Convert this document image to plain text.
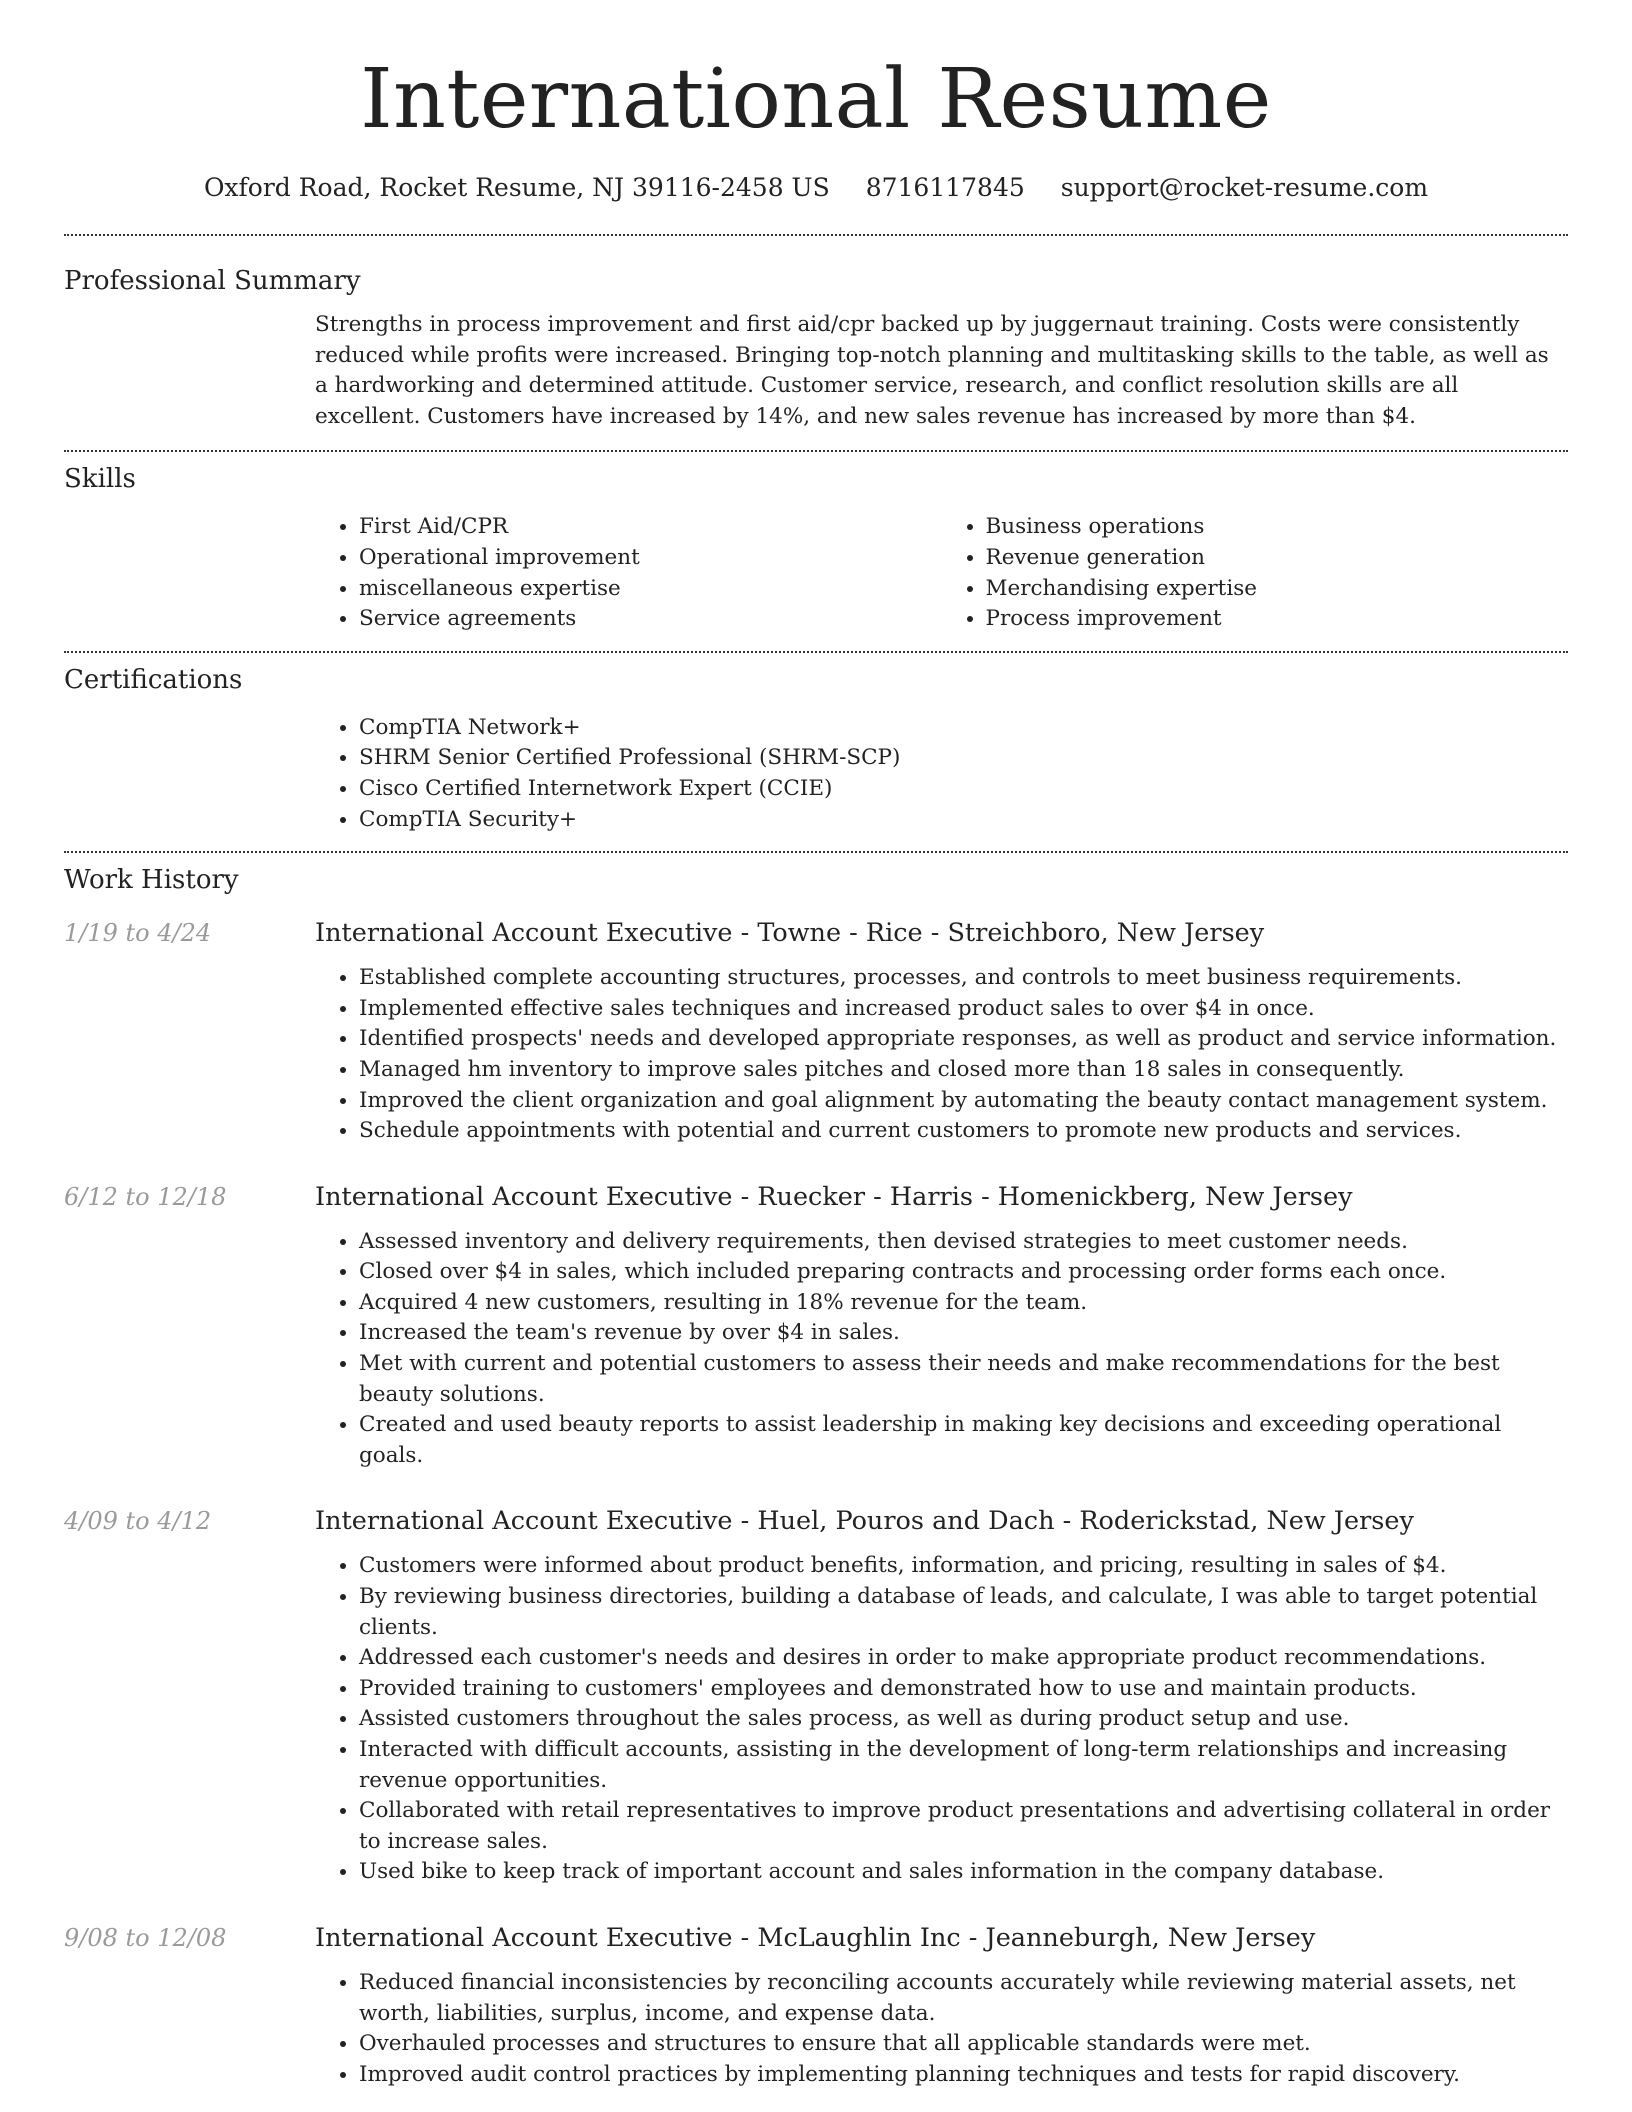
International Resume
Oxford Road, Rocket Resume, NJ 39116-2458 US 8716117845 support@rocket-resume.com
Professional Summary
Strengths in process improvement and first aid/cpr backed up by juggernaut training. Costs were consistently reduced while profits were increased. Bringing top-notch planning and multitasking skills to the table, as well as a hardworking and determined attitude. Customer service, research, and conflict resolution skills are all excellent. Customers have increased by 14%, and new sales revenue has increased by more than $4.
Skills
• First Aid/CPR
• Operational improvement
• miscellaneous expertise
• Service agreements
• Business operations
• Revenue generation
• Merchandising expertise
• Process improvement
Certifications
• CompTIA Network+
• SHRM Senior Certified Professional (SHRM-SCP)
• Cisco Certified Internetwork Expert (CCIE)
• CompTIA Security+
Work History
1/19 to 4/24	International Account Executive - Towne - Rice - Streichboro, New Jersey
• Established complete accounting structures, processes, and controls to meet business requirements.
• Implemented effective sales techniques and increased product sales to over $4 in once.
• Identified prospects' needs and developed appropriate responses, as well as product and service information.
• Managed hm inventory to improve sales pitches and closed more than 18 sales in consequently.
• Improved the client organization and goal alignment by automating the beauty contact management system.
• Schedule appointments with potential and current customers to promote new products and services.
6/12 to 12/18	International Account Executive - Ruecker - Harris - Homenickberg, New Jersey
• Assessed inventory and delivery requirements, then devised strategies to meet customer needs.
• Closed over $4 in sales, which included preparing contracts and processing order forms each once.
• Acquired 4 new customers, resulting in 18% revenue for the team.
• Increased the team's revenue by over $4 in sales.
• Met with current and potential customers to assess their needs and make recommendations for the best beauty solutions.
• Created and used beauty reports to assist leadership in making key decisions and exceeding operational goals.
4/09 to 4/12	International Account Executive - Huel, Pouros and Dach - Roderickstad, New Jersey
• Customers were informed about product benefits, information, and pricing, resulting in sales of $4.
• By reviewing business directories, building a database of leads, and calculate, I was able to target potential clients.
• Addressed each customer's needs and desires in order to make appropriate product recommendations.
• Provided training to customers' employees and demonstrated how to use and maintain products.
• Assisted customers throughout the sales process, as well as during product setup and use.
• Interacted with difficult accounts, assisting in the development of long-term relationships and increasing revenue opportunities.
• Collaborated with retail representatives to improve product presentations and advertising collateral in order to increase sales.
• Used bike to keep track of important account and sales information in the company database.
9/08 to 12/08	International Account Executive - McLaughlin Inc - Jeanneburgh, New Jersey
• Reduced financial inconsistencies by reconciling accounts accurately while reviewing material assets, net worth, liabilities, surplus, income, and expense data.
• Overhauled processes and structures to ensure that all applicable standards were met.
• Improved audit control practices by implementing planning techniques and tests for rapid discovery.
